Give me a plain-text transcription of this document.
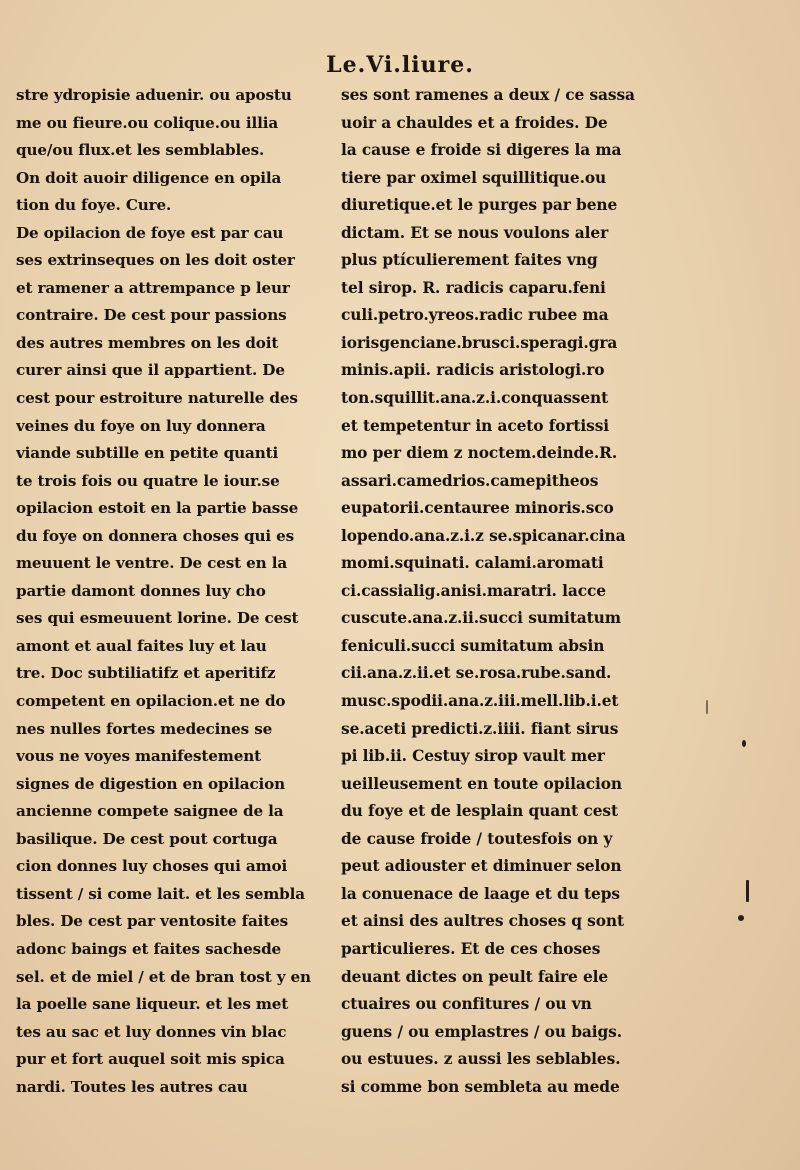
Le.Vi.liure.
stre ydropisie aduenir. ou apostu
me ou fieure.ou colique.ou illia
que/ou flux.et les semblables.
On doit auoir diligence en opila
tion du foye. Cure.
De opilacion de foye est par cau
ses extrinseques on les doit oster
et ramener a attrempance p leur
contraire. De cest pour passions
des autres membres on les doit
curer ainsi que il appartient. De
cest pour estroiture naturelle des
veines du foye on luy donnera
viande subtille en petite quanti
te trois fois ou quatre le iour.se
opilacion estoit en la partie basse
du foye on donnera choses qui es
meuuent le ventre. De cest en la
partie damont donnes luy cho
ses qui esmeuuent lorine. De cest
amont et aual faites luy et lau
tre. Doc subtiliatifz et aperitifz
competent en opilacion.et ne do
nes nulles fortes medecines se
vous ne voyes manifestement
signes de digestion en opilacion
ancienne compete saignee de la
basilique. De cest pout cortuga
cion donnes luy choses qui amoi
tissent / si come lait. et les sembla
bles. De cest par ventosite faites
adonc baings et faites sachesde
sel. et de miel / et de bran tost y en
la poelle sane liqueur. et les met
tes au sac et luy donnes vin blac
pur et fort auquel soit mis spica
nardi. Toutes les autres cau
ses sont ramenes a deux / ce sassa
uoir a chauldes et a froides. De
la cause e froide si digeres la ma
tiere par oximel squillitique.ou
diuretique.et le purges par bene
dictam. Et se nous voulons aler
plus ptículierement faites vng
tel sirop. R. radicis caparu.feni
culi.petro.yreos.radic rubee ma
iorisgenciane.brusci.speragi.gra
minis.apii. radicis aristologi.ro
ton.squillit.ana.z.i.conquassent
et tempetentur in aceto fortissi
mo per diem z noctem.deinde.R.
assari.camedrios.camepitheos
eupatorii.centauree minoris.sco
lopendo.ana.z.i.z se.spicanar.cina
momi.squinati. calami.aromati
ci.cassialig.anisi.maratri. lacce
cuscute.ana.z.ii.succi sumitatum
feniculi.succi sumitatum absin
cii.ana.z.ii.et se.rosa.rube.sand.
musc.spodii.ana.z.iii.mell.lib.i.et
se.aceti predicti.z.iiii. fiant sirus
pi lib.ii. Cestuy sirop vault mer
ueilleusement en toute opilacion
du foye et de lesplain quant cest
de cause froide / toutesfois on y
peut adiouster et diminuer selon
la conuenace de laage et du teps
et ainsi des aultres choses q sont
particulieres. Et de ces choses
deuant dictes on peult faire ele
ctuaires ou confitures / ou vn
guens / ou emplastres / ou baigs.
ou estuues. z aussi les seblables.
si comme bon sembleta au mede
